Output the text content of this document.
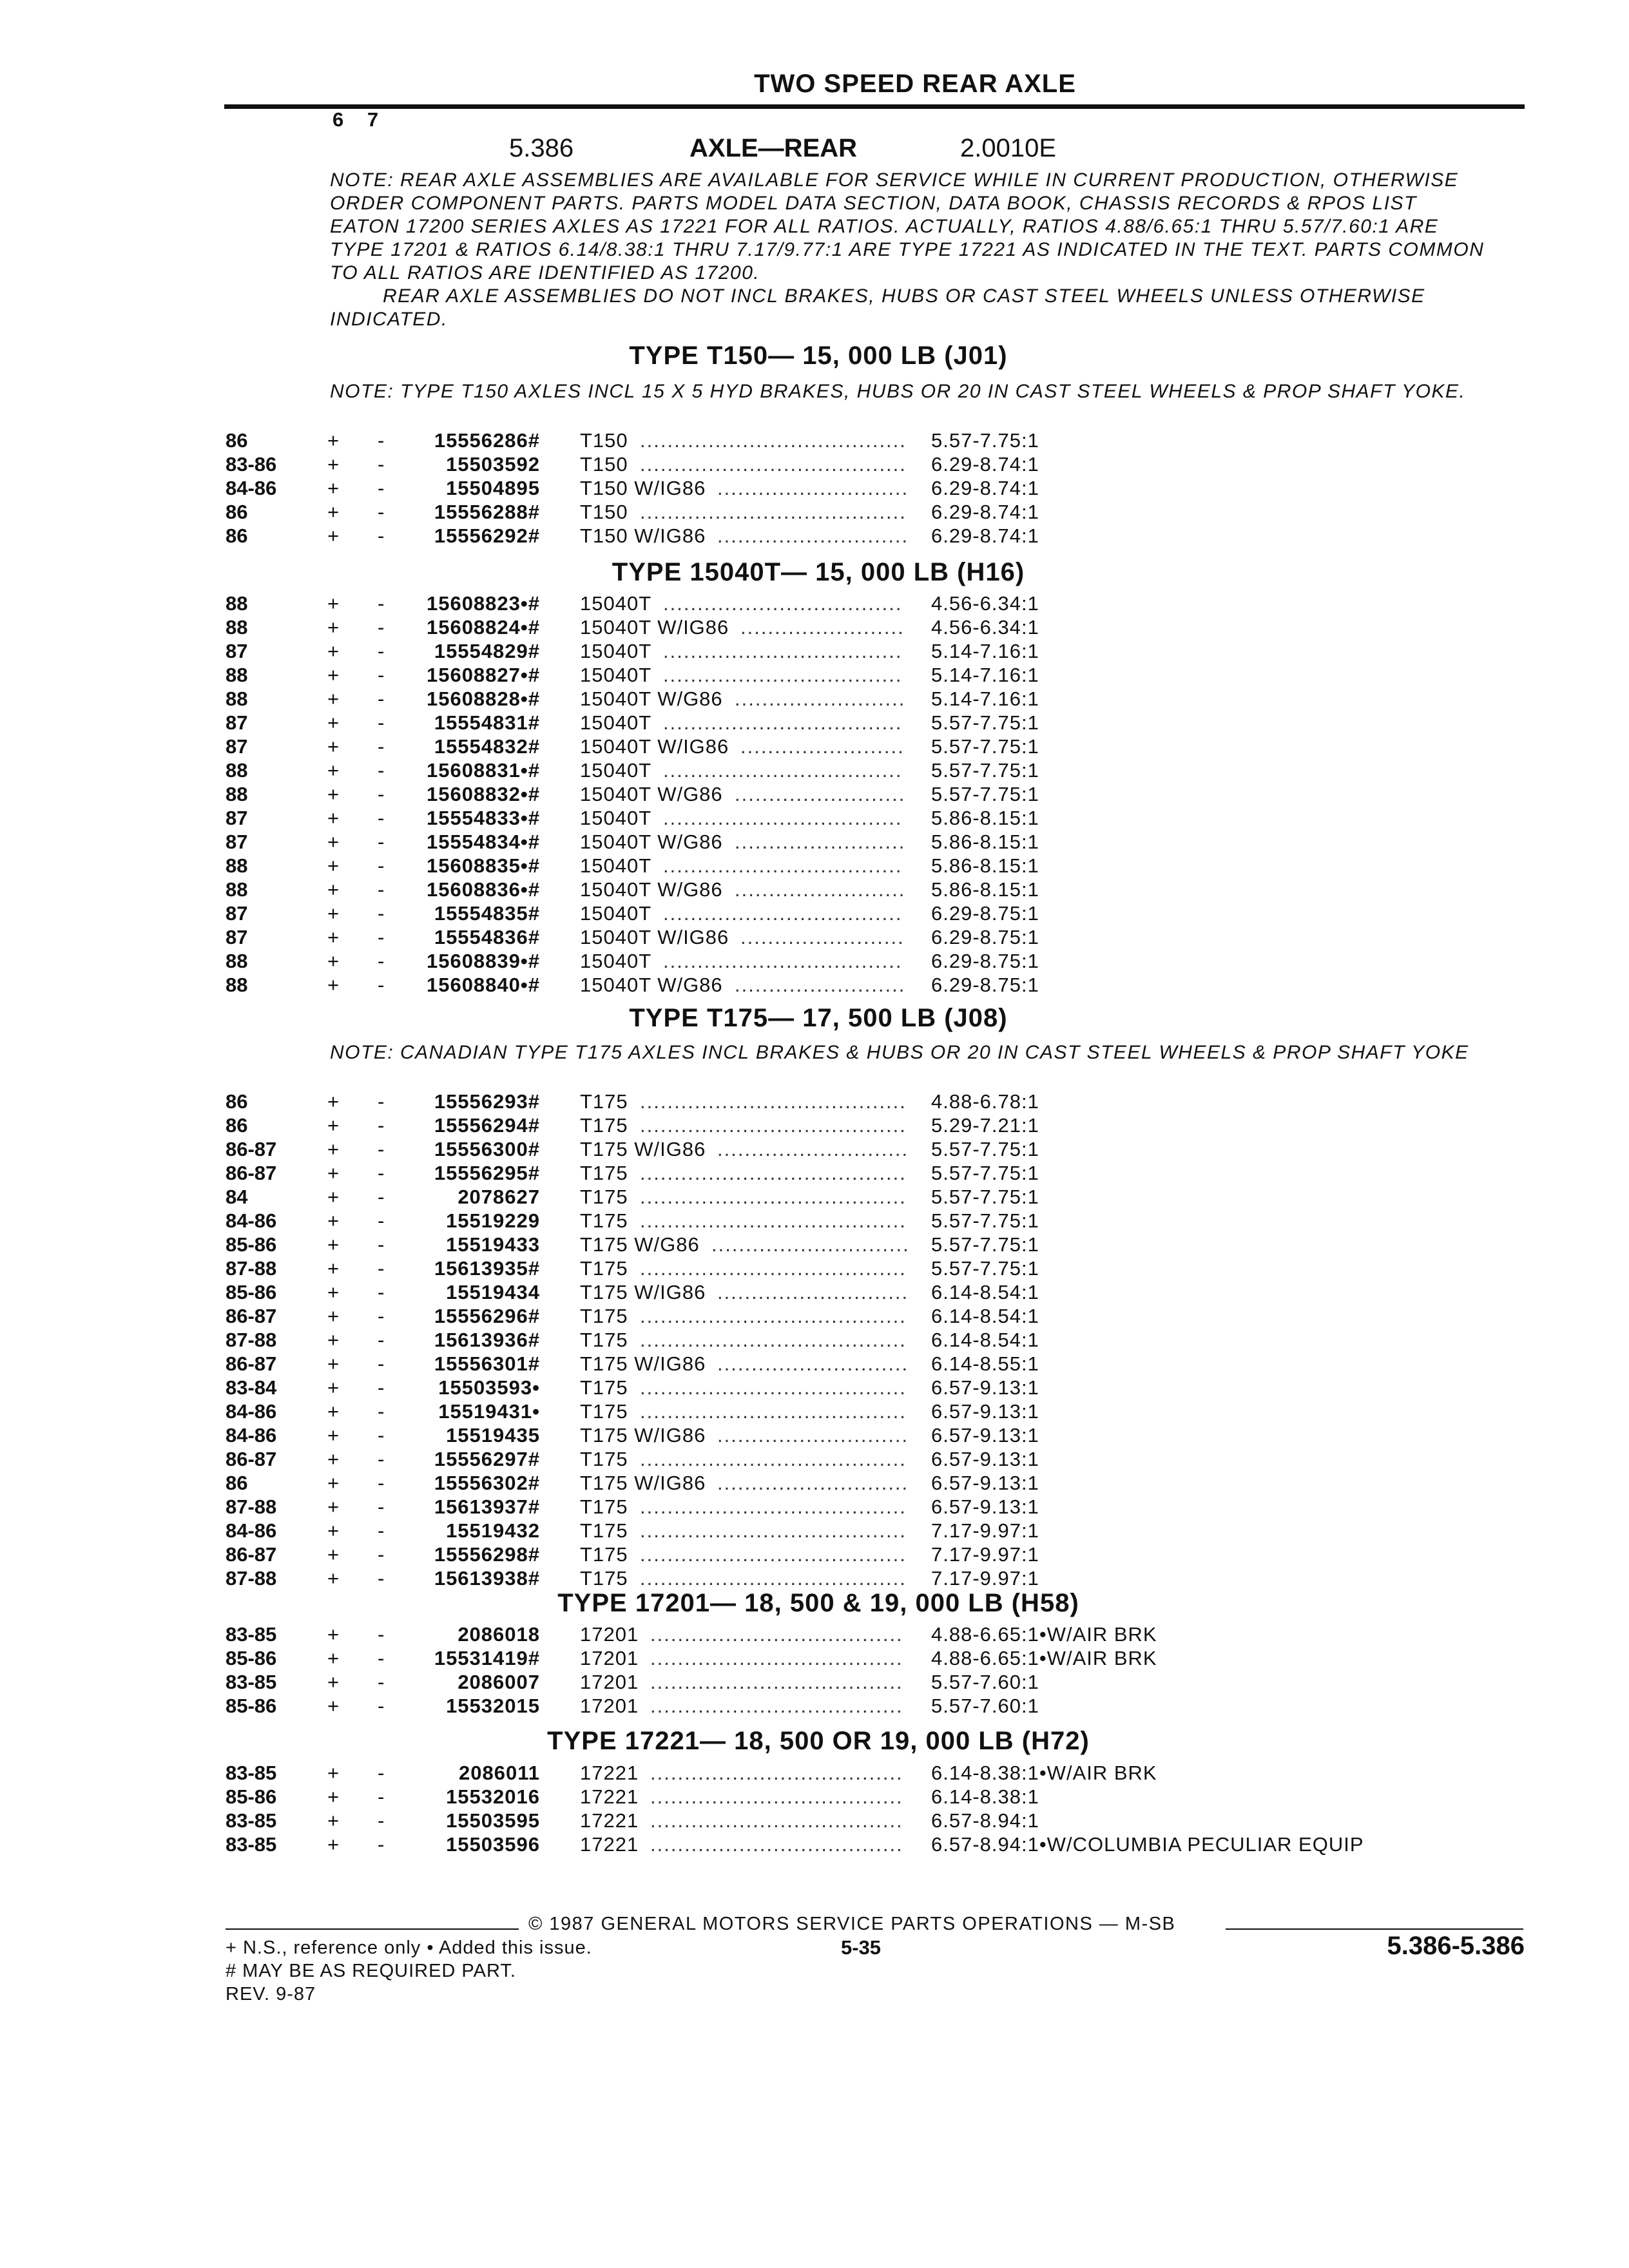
TWO SPEED REAR AXLE
6 7
5.386	AXLE—REAR	2.0010E

NOTE: REAR AXLE ASSEMBLIES ARE AVAILABLE FOR SERVICE WHILE IN CURRENT PRODUCTION, OTHERWISE ORDER COMPONENT PARTS. PARTS MODEL DATA SECTION, DATA BOOK, CHASSIS RECORDS & RPOS LIST EATON 17200 SERIES AXLES AS 17221 FOR ALL RATIOS. ACTUALLY, RATIOS 4.88/6.65:1 THRU 5.57/7.60:1 ARE TYPE 17201 & RATIOS 6.14/8.38:1 THRU 7.17/9.77:1 ARE TYPE 17221 AS INDICATED IN THE TEXT. PARTS COMMON TO ALL RATIOS ARE IDENTIFIED AS 17200.

REAR AXLE ASSEMBLIES DO NOT INCL BRAKES, HUBS OR CAST STEEL WHEELS UNLESS OTHERWISE INDICATED.

TYPE T150— 15, 000 LB (J01)
NOTE: TYPE T150 AXLES INCL 15 X 5 HYD BRAKES, HUBS OR 20 IN CAST STEEL WHEELS & PROP SHAFT YOKE.
86	+ -	15556286# T150	5.57-7.75:1
.......................................
83-86	+ -	15503592 T150	6.29-8.74:1
.......................................
84-86	+ -	15504895 T150 W/IG86	6.29-8.74:1
............................
86	+ -	15556288# T150	6.29-8.74:1
.......................................
86	+ -	15556292# T150 W/IG86	6.29-8.74:1
............................
TYPE 15040T— 15, 000 LB (H16)
88	+ -	15608823•# 15040T	4.56-6.34:1
...................................
88	+ -	15608824•# 15040T W/IG86	4.56-6.34:1
........................
87	+ -	15554829# 15040T	5.14-7.16:1
...................................
88	+ -	15608827•# 15040T	5.14-7.16:1
...................................
88	+ -	15608828•# 15040T W/G86	5.14-7.16:1
.........................
87	+ -	15554831# 15040T	5.57-7.75:1
...................................
87	+ -	15554832# 15040T W/IG86	5.57-7.75:1
........................
88	+ -	15608831•# 15040T	5.57-7.75:1
...................................
88	+ -	15608832•# 15040T W/G86	5.57-7.75:1
.........................
87	+ -	15554833•# 15040T	5.86-8.15:1
...................................
87	+ -	15554834•# 15040T W/G86	5.86-8.15:1
.........................
88	+ -	15608835•# 15040T	5.86-8.15:1
...................................
88	+ -	15608836•# 15040T W/G86	5.86-8.15:1
.........................
87	+ -	15554835# 15040T	6.29-8.75:1
...................................
87	+ -	15554836# 15040T W/IG86	6.29-8.75:1
........................
88	+ -	15608839•# 15040T	6.29-8.75:1
...................................
88	+ -	15608840•# 15040T W/G86	6.29-8.75:1
.........................
TYPE T175— 17, 500 LB (J08)
NOTE: CANADIAN TYPE T175 AXLES INCL BRAKES & HUBS OR 20 IN CAST STEEL WHEELS & PROP SHAFT YOKE
86	+ -	15556293# T175	4.88-6.78:1
.......................................
86	+ -	15556294# T175	5.29-7.21:1
.......................................
86-87	+ -	15556300# T175 W/IG86	5.57-7.75:1
............................
86-87	+ -	15556295# T175	5.57-7.75:1
.......................................
84	+ -	2078627 T175	5.57-7.75:1
.......................................
84-86	+ -	15519229 T175	5.57-7.75:1
.......................................
85-86	+ -	15519433 T175 W/G86	5.57-7.75:1
.............................
87-88	+ -	15613935# T175	5.57-7.75:1
.......................................
85-86	+ -	15519434 T175 W/IG86	6.14-8.54:1
............................
86-87	+ -	15556296# T175	6.14-8.54:1
.......................................
87-88	+ -	15613936# T175	6.14-8.54:1
.......................................
86-87	+ -	15556301# T175 W/IG86	6.14-8.55:1
............................
83-84	+ -	15503593• T175	6.57-9.13:1
.......................................
84-86	+ -	15519431• T175	6.57-9.13:1
.......................................
84-86	+ -	15519435 T175 W/IG86	6.57-9.13:1
............................
86-87	+ -	15556297# T175	6.57-9.13:1
.......................................
86	+ -	15556302# T175 W/IG86	6.57-9.13:1
............................
87-88	+ -	15613937# T175	6.57-9.13:1
.......................................
84-86	+ -	15519432 T175	7.17-9.97:1
.......................................
86-87	+ -	15556298# T175	7.17-9.97:1
.......................................
87-88	+ -	15613938# T175	7.17-9.97:1
.......................................
TYPE 17201— 18, 500 & 19, 000 LB (H58)
83-85	+ -	2086018 17201	4.88-6.65:1•W/AIR BRK
.....................................
85-86	+ -	15531419# 17201	4.88-6.65:1•W/AIR BRK
.....................................
83-85	+ -	2086007 17201	5.57-7.60:1
.....................................
85-86	+ -	15532015 17201	5.57-7.60:1
.....................................
TYPE 17221— 18, 500 OR 19, 000 LB (H72)
83-85	+ -	2086011 17221	6.14-8.38:1•W/AIR BRK
.....................................
85-86	+ -	15532016 17221	6.14-8.38:1
.....................................
83-85	+ -	15503595 17221	6.57-8.94:1
.....................................
83-85	+ -	15503596 17221	6.57-8.94:1•W/COLUMBIA PECULIAR EQUIP
.....................................
© 1987 GENERAL MOTORS SERVICE PARTS OPERATIONS — M-SB

+ N.S., reference only • Added this issue.

# MAY BE AS REQUIRED PART.

REV. 9-87

5-35	5.386-5.386
